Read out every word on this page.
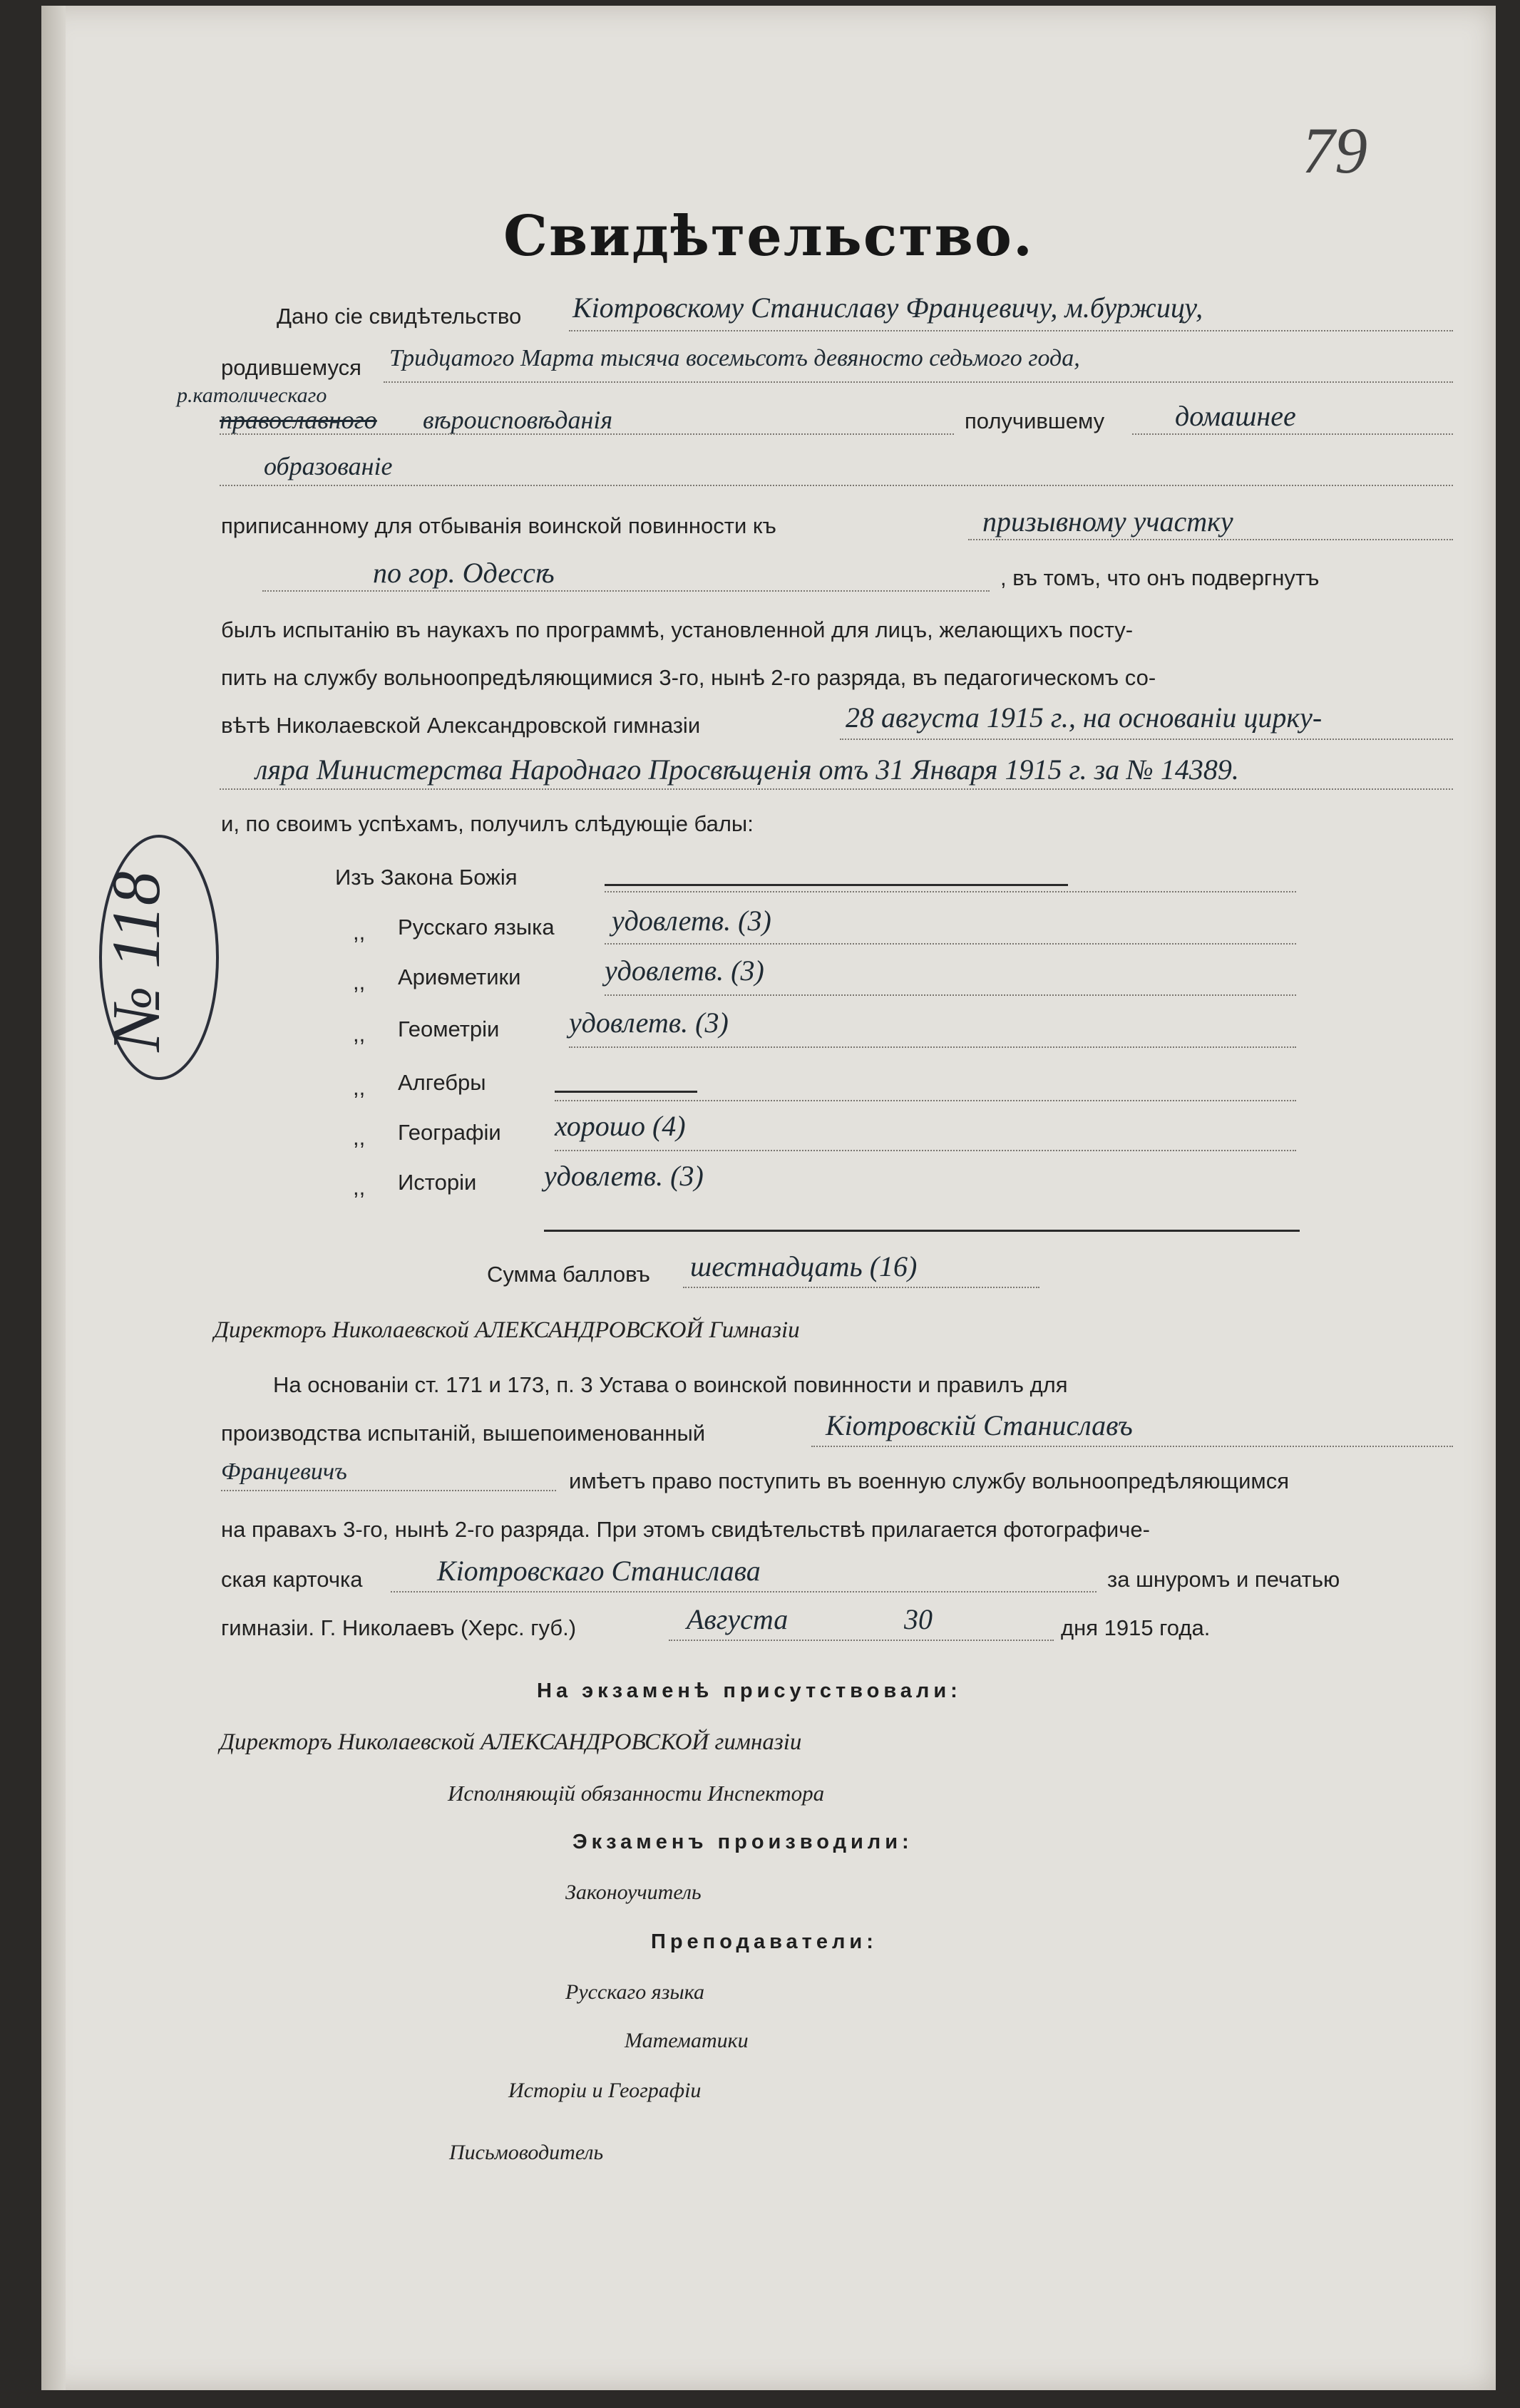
79
№ 118
Свидѣтельство.
Дано сіе свидѣтельство Кіотровскому Станиславу Францевичу, м.буржицу,
родившемуся Тридцатого Марта тысяча восемьсотъ девяносто седьмого года,
р.католическаго
православного вѣроисповѣданія	получившему домашнее
образованіе
приписанному для отбыванія воинской повинности къ	призывному участку
по гор. Одессѣ	, въ томъ, что онъ подвергнутъ
былъ испытанію въ наукахъ по программѣ, установленной для лицъ, желающихъ посту-
пить на службу вольноопредѣляющимися 3-го, нынѣ 2-го разряда, въ педагогическомъ со-
вѣтѣ Николаевской Александровской гимназіи	28 августа 1915 г., на основаніи цирку-
ляра Министерства Народнаго Просвѣщенія отъ 31 Января 1915 г. за № 14389.
и, по своимъ успѣхамъ, получилъ слѣдующіе балы:
Изъ Закона Божія
,, Русскаго языка удовлетв. (3)
,, Ариѳметики	удовлетв. (3)
,, Геометріи удовлетв. (3)
,, Алгебры
,, Географіи хорошо (4)
,, Исторіи удовлетв. (3)
Сумма балловъ шестнадцать (16)
Директоръ Николаевской АЛЕКСАНДРОВСКОЙ Гимназіи
На основаніи ст. 171 и 173, п. 3 Устава о воинской повинности и правилъ для
производства испытаній, вышепоименованный	Кіотровскій Станиславъ
Францевичъ	имѣетъ право поступить въ военную службу вольноопредѣляющимся
на правахъ 3-го, нынѣ 2-го разряда. При этомъ свидѣтельствѣ прилагается фотографиче-
ская карточка	Кіотровскаго Станислава	за шнуромъ и печатью
гимназіи. Г. Николаевъ (Херс. губ.)	Августа	30	дня 1915 года.
На экзаменѣ присутствовали:
Директоръ Николаевской АЛЕКСАНДРОВСКОЙ гимназіи
Исполняющій обязанности Инспектора
Экзаменъ производили:
Законоучитель
Преподаватели:
Русскаго языка
Математики
Исторіи и Географіи
Письмоводитель
